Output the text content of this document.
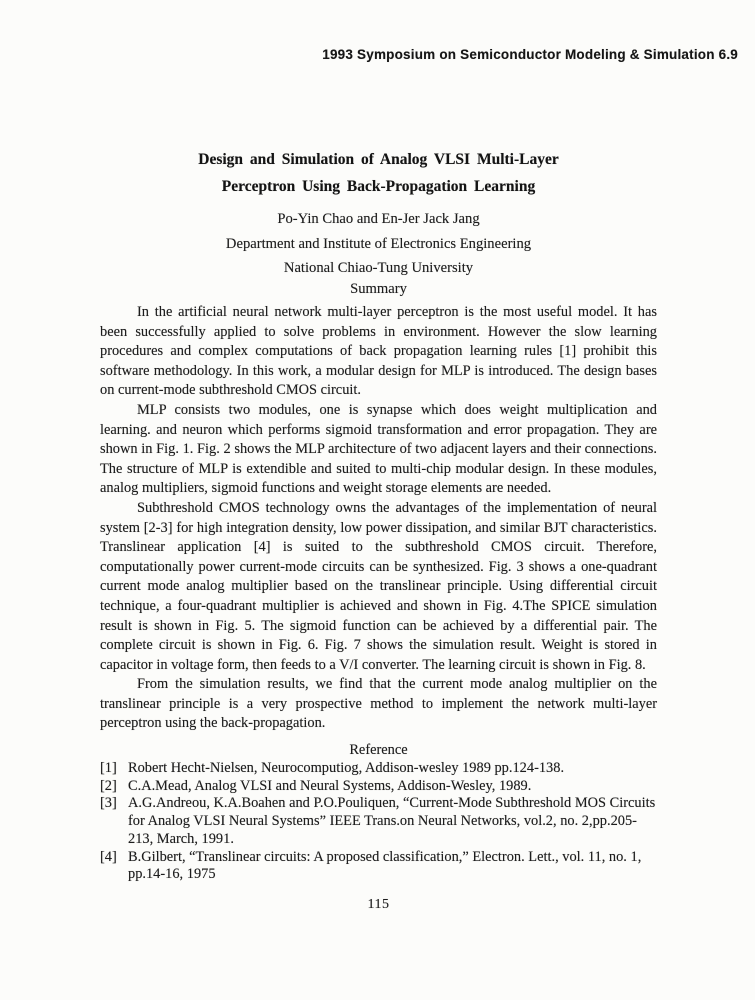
1993 Symposium on Semiconductor Modeling & Simulation 6.9
Design and Simulation of Analog VLSI Multi-Layer
Perceptron Using Back-Propagation Learning
Po-Yin Chao and En-Jer Jack Jang
Department and Institute of Electronics Engineering
National Chiao-Tung University
Summary

In the artificial neural network multi-layer perceptron is the most useful model. It has been successfully applied to solve problems in environment. However the slow learning procedures and complex computations of back propagation learning rules [1] prohibit this software methodology. In this work, a modular design for MLP is introduced. The design bases on current-mode subthreshold CMOS circuit.

MLP consists two modules, one is synapse which does weight multiplication and learning. and neuron which performs sigmoid transformation and error propagation. They are shown in Fig. 1. Fig. 2 shows the MLP architecture of two adjacent layers and their connections. The structure of MLP is extendible and suited to multi-chip modular design. In these modules, analog multipliers, sigmoid functions and weight storage elements are needed.

Subthreshold CMOS technology owns the advantages of the implementation of neural system [2-3] for high integration density, low power dissipation, and similar BJT characteristics. Translinear application [4] is suited to the subthreshold CMOS circuit. Therefore, computationally power current-mode circuits can be synthesized. Fig. 3 shows a one-quadrant current mode analog multiplier based on the translinear principle. Using differential circuit technique, a four-quadrant multiplier is achieved and shown in Fig. 4.The SPICE simulation result is shown in Fig. 5. The sigmoid function can be achieved by a differential pair. The complete circuit is shown in Fig. 6. Fig. 7 shows the simulation result. Weight is stored in capacitor in voltage form, then feeds to a V/I converter. The learning circuit is shown in Fig. 8.

From the simulation results, we find that the current mode analog multiplier on the translinear principle is a very prospective method to implement the network multi-layer perceptron using the back-propagation.

Reference
[1] Robert Hecht-Nielsen, Neurocomputiog, Addison-wesley 1989 pp.124-138.
[2] C.A.Mead, Analog VLSI and Neural Systems, Addison-Wesley, 1989.
[3] A.G.Andreou, K.A.Boahen and P.O.Pouliquen, “Current-Mode Subthreshold MOS Circuits for Analog VLSI Neural Systems” IEEE Trans.on Neural Networks, vol.2, no. 2,pp.205-213, March, 1991.
[4] B.Gilbert, “Translinear circuits: A proposed classification,” Electron. Lett., vol. 11, no. 1, pp.14-16, 1975
115
